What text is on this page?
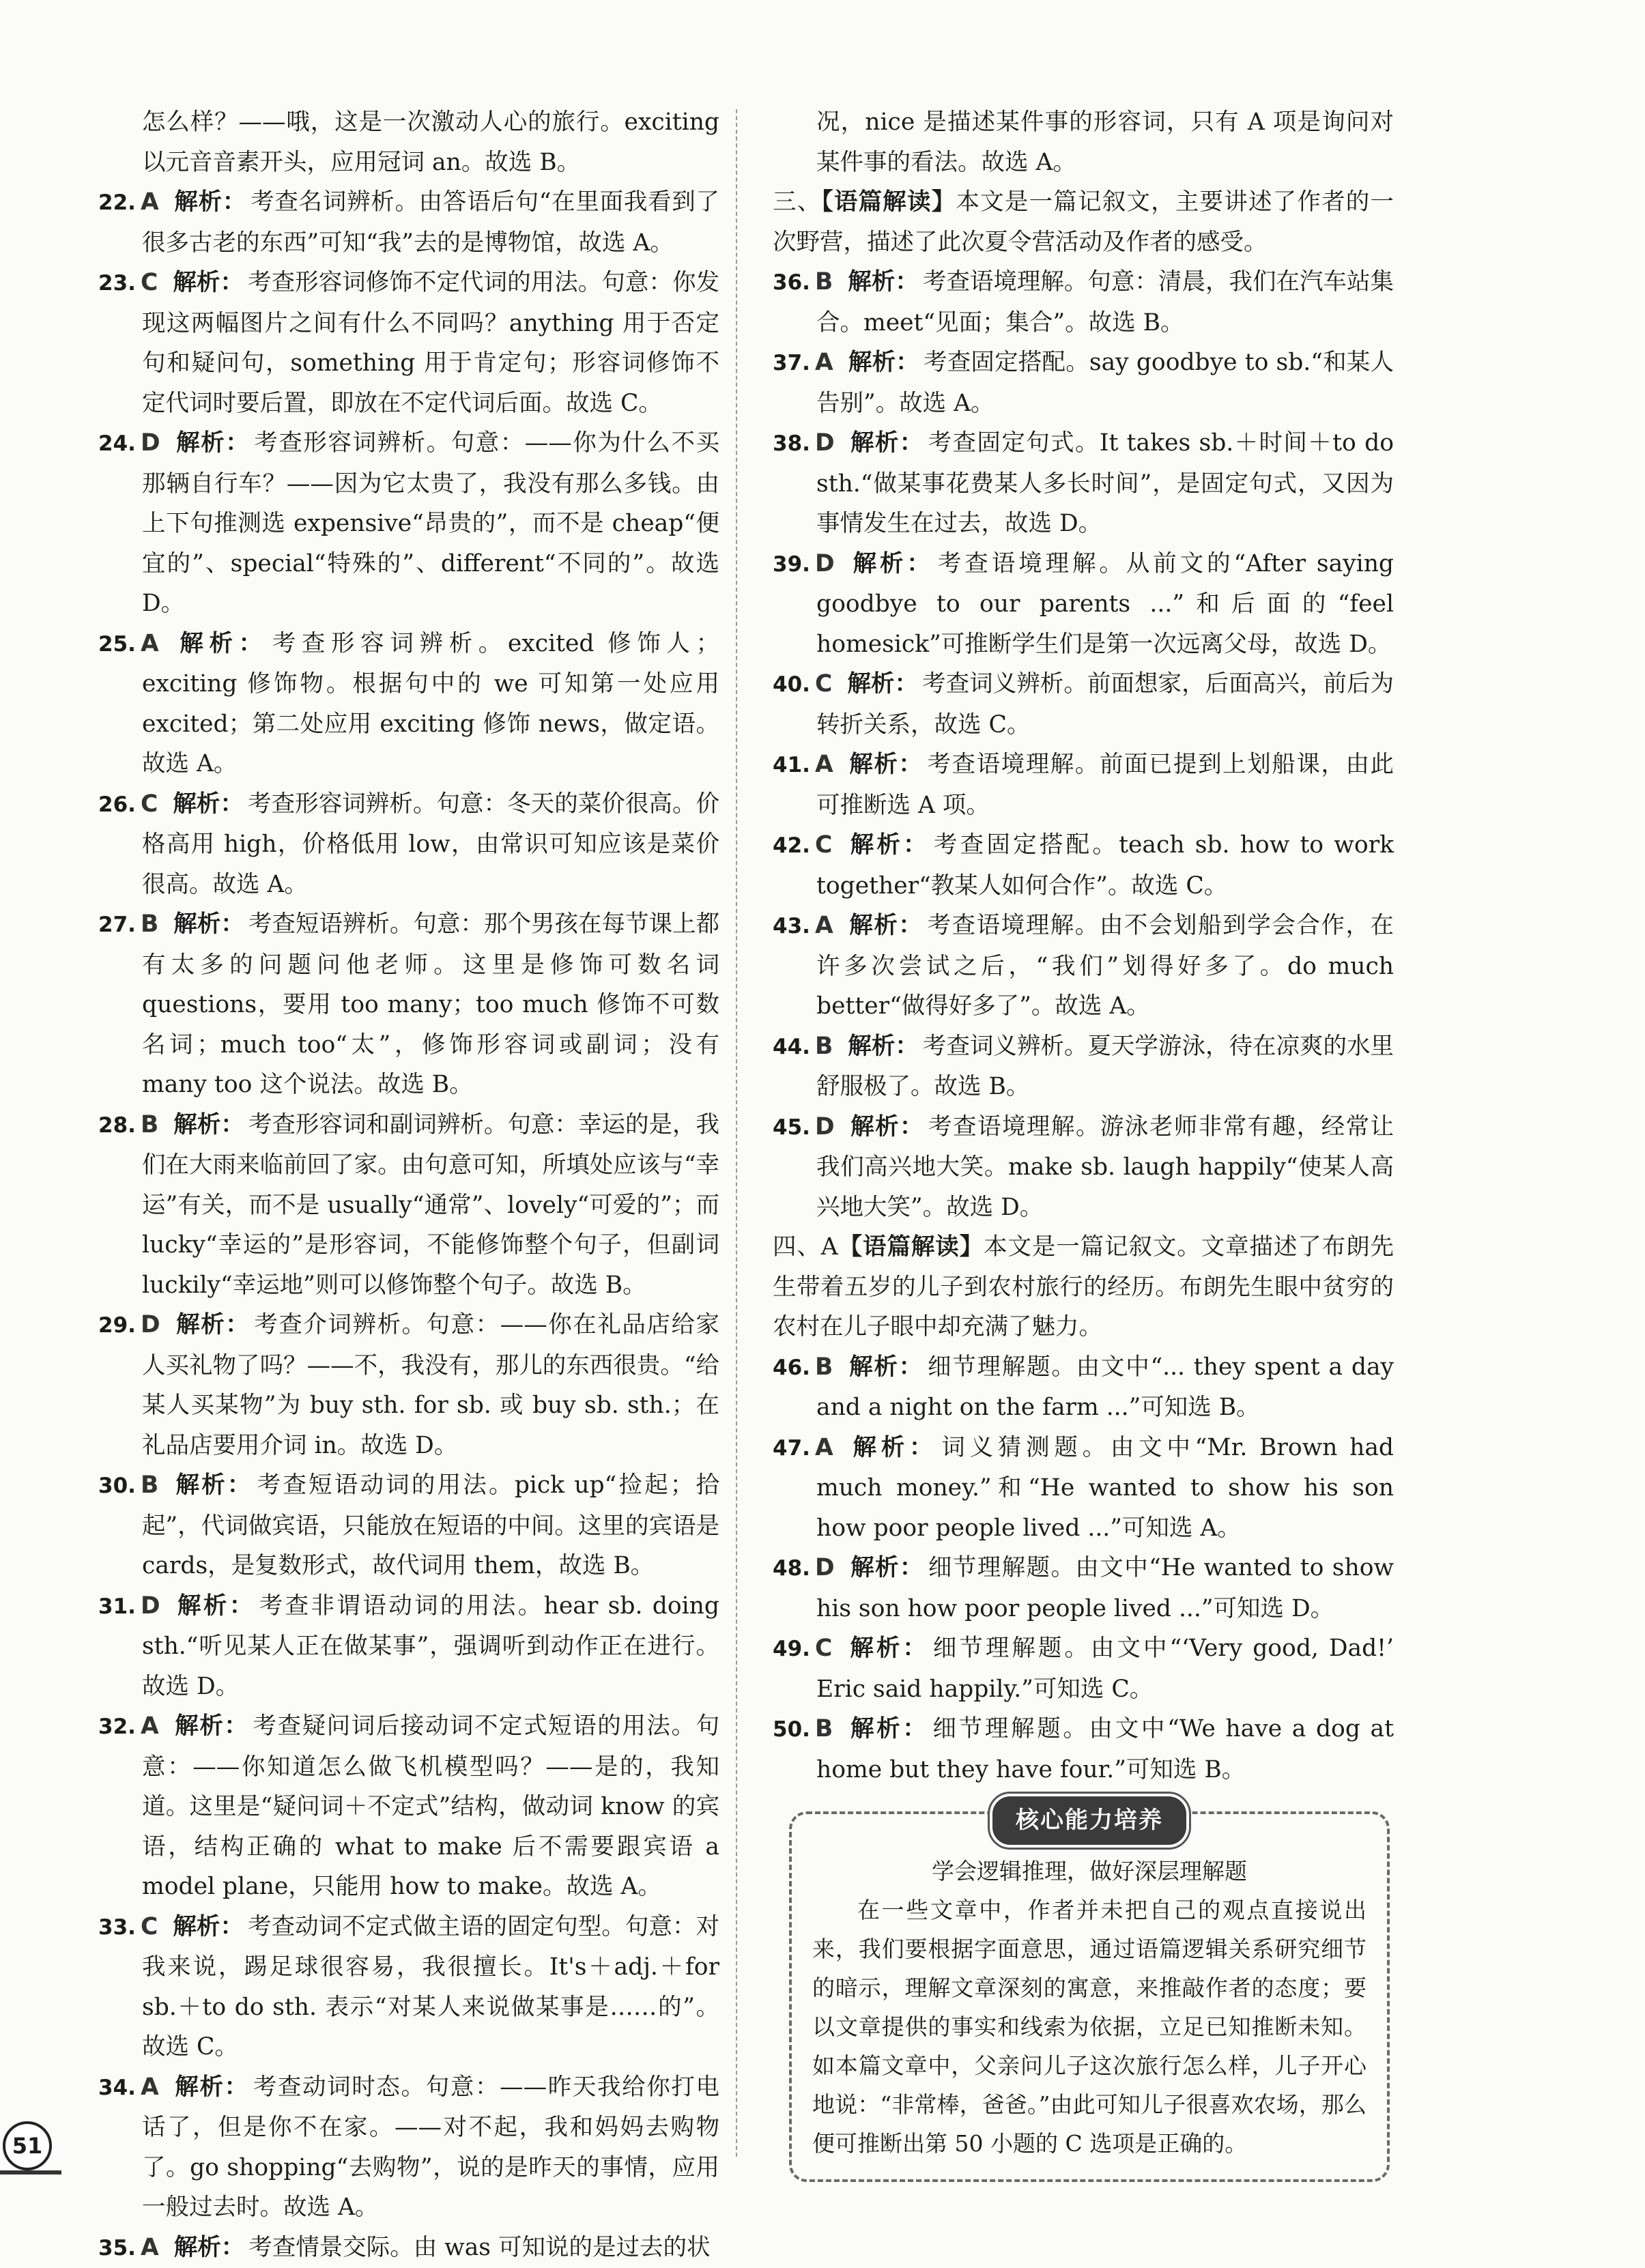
怎么样？——哦，这是一次激动人心的旅行。exciting 以元音音素开头，应用冠词 an。故选 B。
22. A 解析： 考查名词辨析。由答语后句“在里面我看到了很多古老的东西”可知“我”去的是博物馆，故选 A。
23. C 解析： 考查形容词修饰不定代词的用法。句意：你发现这两幅图片之间有什么不同吗？anything 用于否定句和疑问句，something 用于肯定句；形容词修饰不定代词时要后置，即放在不定代词后面。故选 C。
24. D 解析： 考查形容词辨析。句意：——你为什么不买那辆自行车？——因为它太贵了，我没有那么多钱。由上下句推测选 expensive“昂贵的”，而不是 cheap“便宜的”、special“特殊的”、different“不同的”。故选 D。
25. A 解析： 考查形容词辨析。excited 修饰人；exciting 修饰物。根据句中的 we 可知第一处应用 excited；第二处应用 exciting 修饰 news，做定语。故选 A。
26. C 解析： 考查形容词辨析。句意：冬天的菜价很高。价格高用 high，价格低用 low，由常识可知应该是菜价很高。故选 A。
27. B 解析： 考查短语辨析。句意：那个男孩在每节课上都有太多的问题问他老师。这里是修饰可数名词 questions，要用 too many；too much 修饰不可数名词；much too“太”，修饰形容词或副词；没有 many too 这个说法。故选 B。
28. B 解析： 考查形容词和副词辨析。句意：幸运的是，我们在大雨来临前回了家。由句意可知，所填处应该与“幸运”有关，而不是 usually“通常”、lovely“可爱的”；而 lucky“幸运的”是形容词，不能修饰整个句子，但副词 luckily“幸运地”则可以修饰整个句子。故选 B。
29. D 解析： 考查介词辨析。句意：——你在礼品店给家人买礼物了吗？——不，我没有，那儿的东西很贵。“给某人买某物”为 buy sth. for sb. 或 buy sb. sth.；在礼品店要用介词 in。故选 D。
30. B 解析： 考查短语动词的用法。pick up“捡起；拾起”，代词做宾语，只能放在短语的中间。这里的宾语是 cards，是复数形式，故代词用 them，故选 B。
31. D 解析： 考查非谓语动词的用法。hear sb. doing sth.“听见某人正在做某事”，强调听到动作正在进行。故选 D。
32. A 解析： 考查疑问词后接动词不定式短语的用法。句意：——你知道怎么做飞机模型吗？——是的，我知道。这里是“疑问词＋不定式”结构，做动词 know 的宾语，结构正确的 what to make 后不需要跟宾语 a model plane，只能用 how to make。故选 A。
33. C 解析： 考查动词不定式做主语的固定句型。句意：对我来说，踢足球很容易，我很擅长。It's＋adj.＋for sb.＋to do sth. 表示“对某人来说做某事是……的”。故选 C。
34. A 解析： 考查动词时态。句意：——昨天我给你打电话了，但是你不在家。——对不起，我和妈妈去购物了。go shopping“去购物”，说的是昨天的事情，应用一般过去时。故选 A。
35. A 解析： 考查情景交际。由 was 可知说的是过去的状
况，nice 是描述某件事的形容词，只有 A 项是询问对某件事的看法。故选 A。
三、【语篇解读】本文是一篇记叙文，主要讲述了作者的一次野营，描述了此次夏令营活动及作者的感受。
36. B 解析： 考查语境理解。句意：清晨，我们在汽车站集合。meet“见面；集合”。故选 B。
37. A 解析： 考查固定搭配。say goodbye to sb.“和某人告别”。故选 A。
38. D 解析： 考查固定句式。It takes sb.＋时间＋to do sth.“做某事花费某人多长时间”，是固定句式，又因为事情发生在过去，故选 D。
39. D 解析： 考查语境理解。从前文的“After saying goodbye to our parents ...”和后面的“feel homesick”可推断学生们是第一次远离父母，故选 D。
40. C 解析： 考查词义辨析。前面想家，后面高兴，前后为转折关系，故选 C。
41. A 解析： 考查语境理解。前面已提到上划船课，由此可推断选 A 项。
42. C 解析： 考查固定搭配。teach sb. how to work together“教某人如何合作”。故选 C。
43. A 解析： 考查语境理解。由不会划船到学会合作，在许多次尝试之后，“我们”划得好多了。do much better“做得好多了”。故选 A。
44. B 解析： 考查词义辨析。夏天学游泳，待在凉爽的水里舒服极了。故选 B。
45. D 解析： 考查语境理解。游泳老师非常有趣，经常让我们高兴地大笑。make sb. laugh happily“使某人高兴地大笑”。故选 D。
四、A【语篇解读】本文是一篇记叙文。文章描述了布朗先生带着五岁的儿子到农村旅行的经历。布朗先生眼中贫穷的农村在儿子眼中却充满了魅力。
46. B 解析： 细节理解题。由文中“... they spent a day and a night on the farm ...”可知选 B。
47. A 解析： 词义猜测题。由文中“Mr. Brown had much money.”和“He wanted to show his son how poor people lived ...”可知选 A。
48. D 解析： 细节理解题。由文中“He wanted to show his son how poor people lived ...”可知选 D。
49. C 解析： 细节理解题。由文中“‘Very good, Dad!’ Eric said happily.”可知选 C。
50. B 解析： 细节理解题。由文中“We have a dog at home but they have four.”可知选 B。
核心能力培养
学会逻辑推理，做好深层理解题
在一些文章中，作者并未把自己的观点直接说出来，我们要根据字面意思，通过语篇逻辑关系研究细节的暗示，理解文章深刻的寓意，来推敲作者的态度；要以文章提供的事实和线索为依据，立足已知推断未知。如本篇文章中，父亲问儿子这次旅行怎么样，儿子开心地说：“非常棒，爸爸。”由此可知儿子很喜欢农场，那么便可推断出第 50 小题的 C 选项是正确的。
51
